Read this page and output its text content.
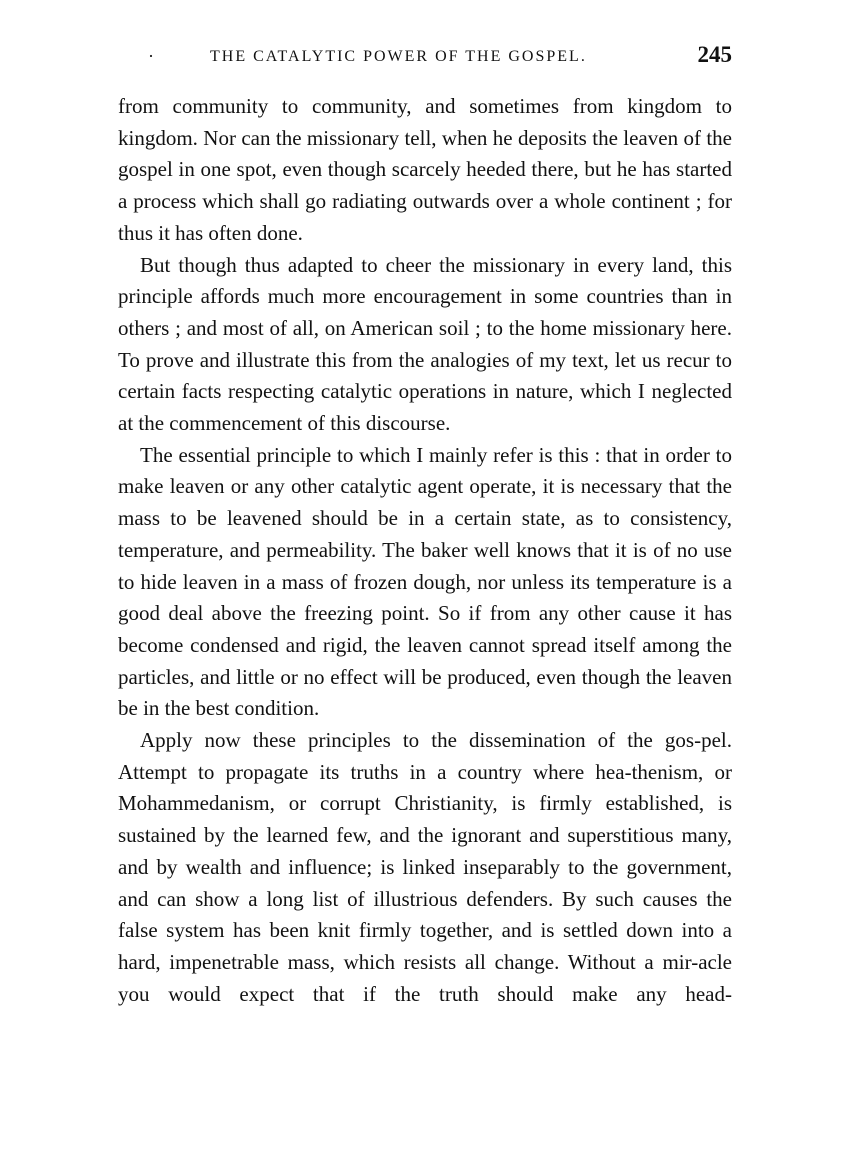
·	THE CATALYTIC POWER OF THE GOSPEL.	245

from community to community, and sometimes from kingdom to kingdom. Nor can the missionary tell, when he deposits the leaven of the gospel in one spot, even though scarcely heeded there, but he has started a process which shall go radiating outwards over a whole continent ; for thus it has often done.

But though thus adapted to cheer the missionary in every land, this principle affords much more encouragement in some countries than in others ; and most of all, on American soil ; to the home missionary here. To prove and illustrate this from the analogies of my text, let us recur to certain facts respecting catalytic operations in nature, which I neglected at the commencement of this discourse.

The essential principle to which I mainly refer is this : that in order to make leaven or any other catalytic agent operate, it is necessary that the mass to be leavened should be in a certain state, as to consistency, temperature, and permeability. The baker well knows that it is of no use to hide leaven in a mass of frozen dough, nor unless its temperature is a good deal above the freezing point. So if from any other cause it has become condensed and rigid, the leaven cannot spread itself among the particles, and little or no effect will be produced, even though the leaven be in the best condition.

Apply now these principles to the dissemination of the gos-pel. Attempt to propagate its truths in a country where hea-thenism, or Mohammedanism, or corrupt Christianity, is firmly established, is sustained by the learned few, and the ignorant and superstitious many, and by wealth and influence; is linked inseparably to the government, and can show a long list of illustrious defenders. By such causes the false system has been knit firmly together, and is settled down into a hard, impenetrable mass, which resists all change. Without a mir-acle you would expect that if the truth should make any head-
